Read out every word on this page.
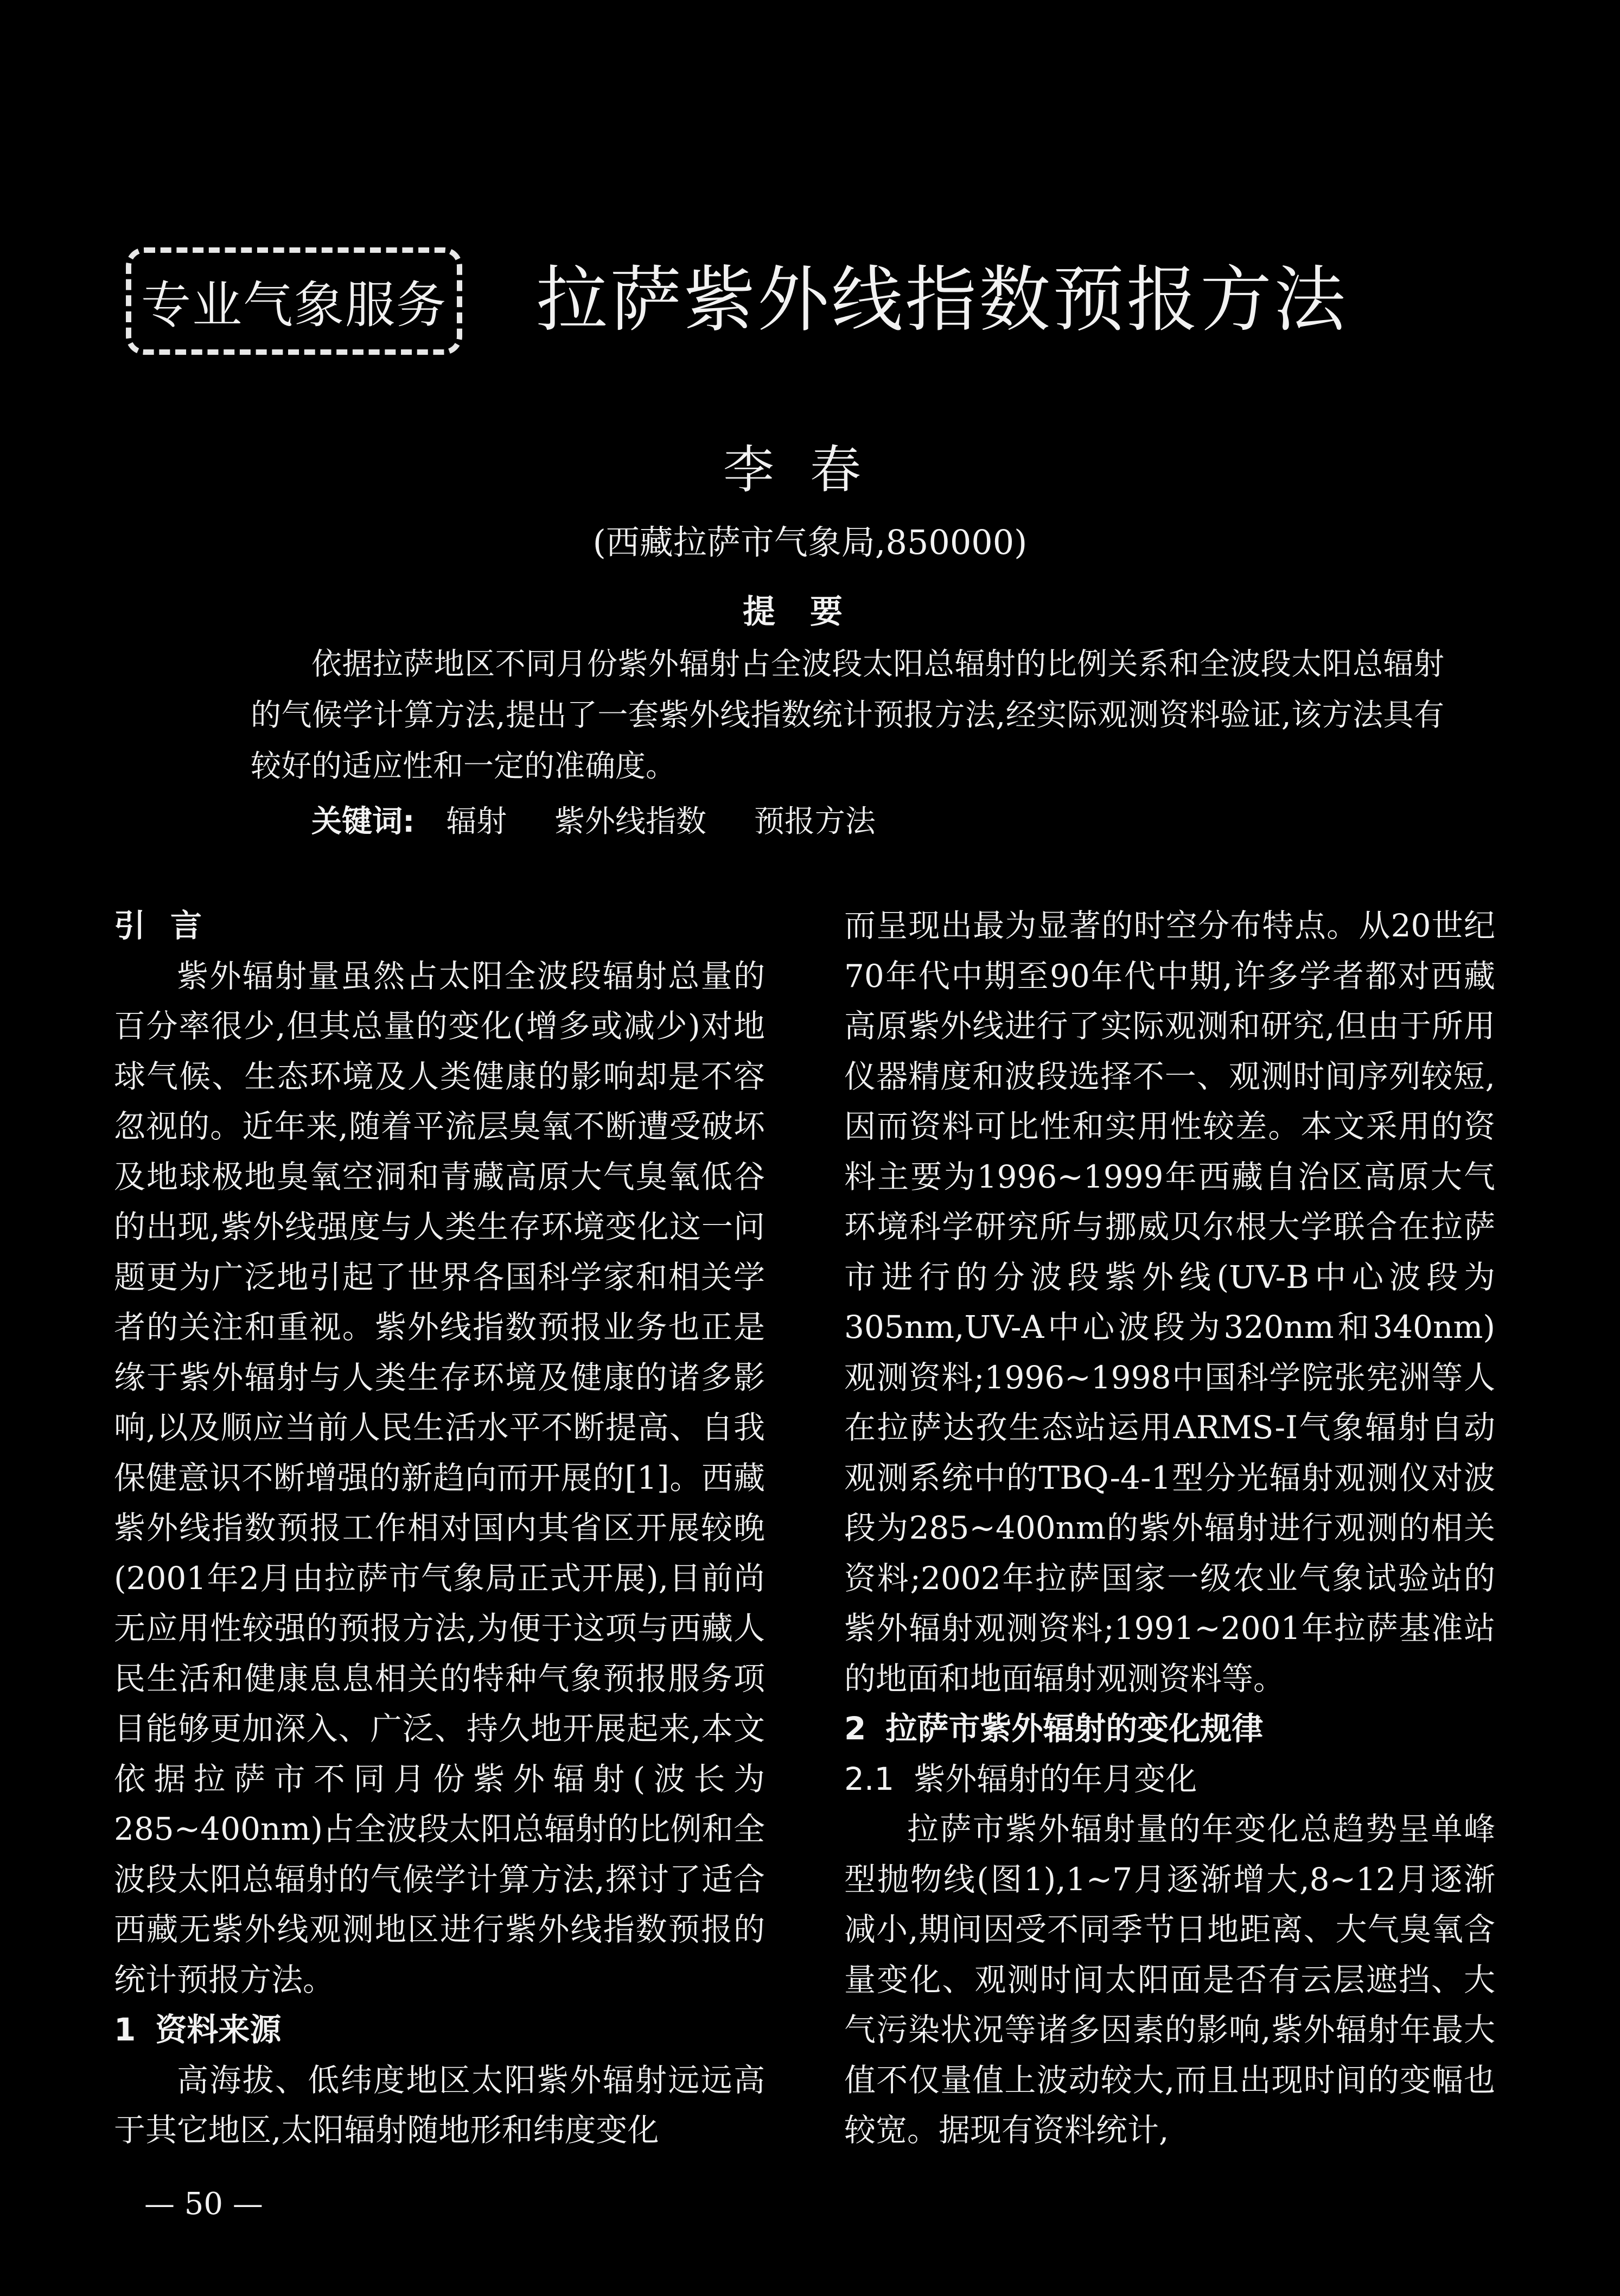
专业气象服务 拉萨紫外线指数预报方法
李春
(西藏拉萨市气象局,850000)
提要
依据拉萨地区不同月份紫外辐射占全波段太阳总辐射的比例关系和全波段太阳总辐射的气候学计算方法,提出了一套紫外线指数统计预报方法,经实际观测资料验证,该方法具有较好的适应性和一定的准确度。
关键词: 辐射 紫外线指数 预报方法
引言

紫外辐射量虽然占太阳全波段辐射总量的百分率很少,但其总量的变化(增多或减少)对地球气候、生态环境及人类健康的影响却是不容忽视的。近年来,随着平流层臭氧不断遭受破坏及地球极地臭氧空洞和青藏高原大气臭氧低谷的出现,紫外线强度与人类生存环境变化这一问题更为广泛地引起了世界各国科学家和相关学者的关注和重视。紫外线指数预报业务也正是缘于紫外辐射与人类生存环境及健康的诸多影响,以及顺应当前人民生活水平不断提高、自我保健意识不断增强的新趋向而开展的[1]。西藏紫外线指数预报工作相对国内其省区开展较晚(2001年2月由拉萨市气象局正式开展),目前尚无应用性较强的预报方法,为便于这项与西藏人民生活和健康息息相关的特种气象预报服务项目能够更加深入、广泛、持久地开展起来,本文依据拉萨市不同月份紫外辐射(波长为285~400nm)占全波段太阳总辐射的比例和全波段太阳总辐射的气候学计算方法,探讨了适合西藏无紫外线观测地区进行紫外线指数预报的统计预报方法。

1 资料来源

高海拔、低纬度地区太阳紫外辐射远远高于其它地区,太阳辐射随地形和纬度变化

而呈现出最为显著的时空分布特点。从20世纪70年代中期至90年代中期,许多学者都对西藏高原紫外线进行了实际观测和研究,但由于所用仪器精度和波段选择不一、观测时间序列较短,因而资料可比性和实用性较差。本文采用的资料主要为1996~1999年西藏自治区高原大气环境科学研究所与挪威贝尔根大学联合在拉萨市进行的分波段紫外线(UV-B中心波段为305nm,UV-A中心波段为320nm和340nm)观测资料;1996~1998中国科学院张宪洲等人在拉萨达孜生态站运用ARMS-I气象辐射自动观测系统中的TBQ-4-1型分光辐射观测仪对波段为285~400nm的紫外辐射进行观测的相关资料;2002年拉萨国家一级农业气象试验站的紫外辐射观测资料;1991~2001年拉萨基准站的地面和地面辐射观测资料等。

2 拉萨市紫外辐射的变化规律
2.1 紫外辐射的年月变化

拉萨市紫外辐射量的年变化总趋势呈单峰型抛物线(图1),1~7月逐渐增大,8~12月逐渐减小,期间因受不同季节日地距离、大气臭氧含量变化、观测时间太阳面是否有云层遮挡、大气污染状况等诸多因素的影响,紫外辐射年最大值不仅量值上波动较大,而且出现时间的变幅也较宽。据现有资料统计,

— 50 —
